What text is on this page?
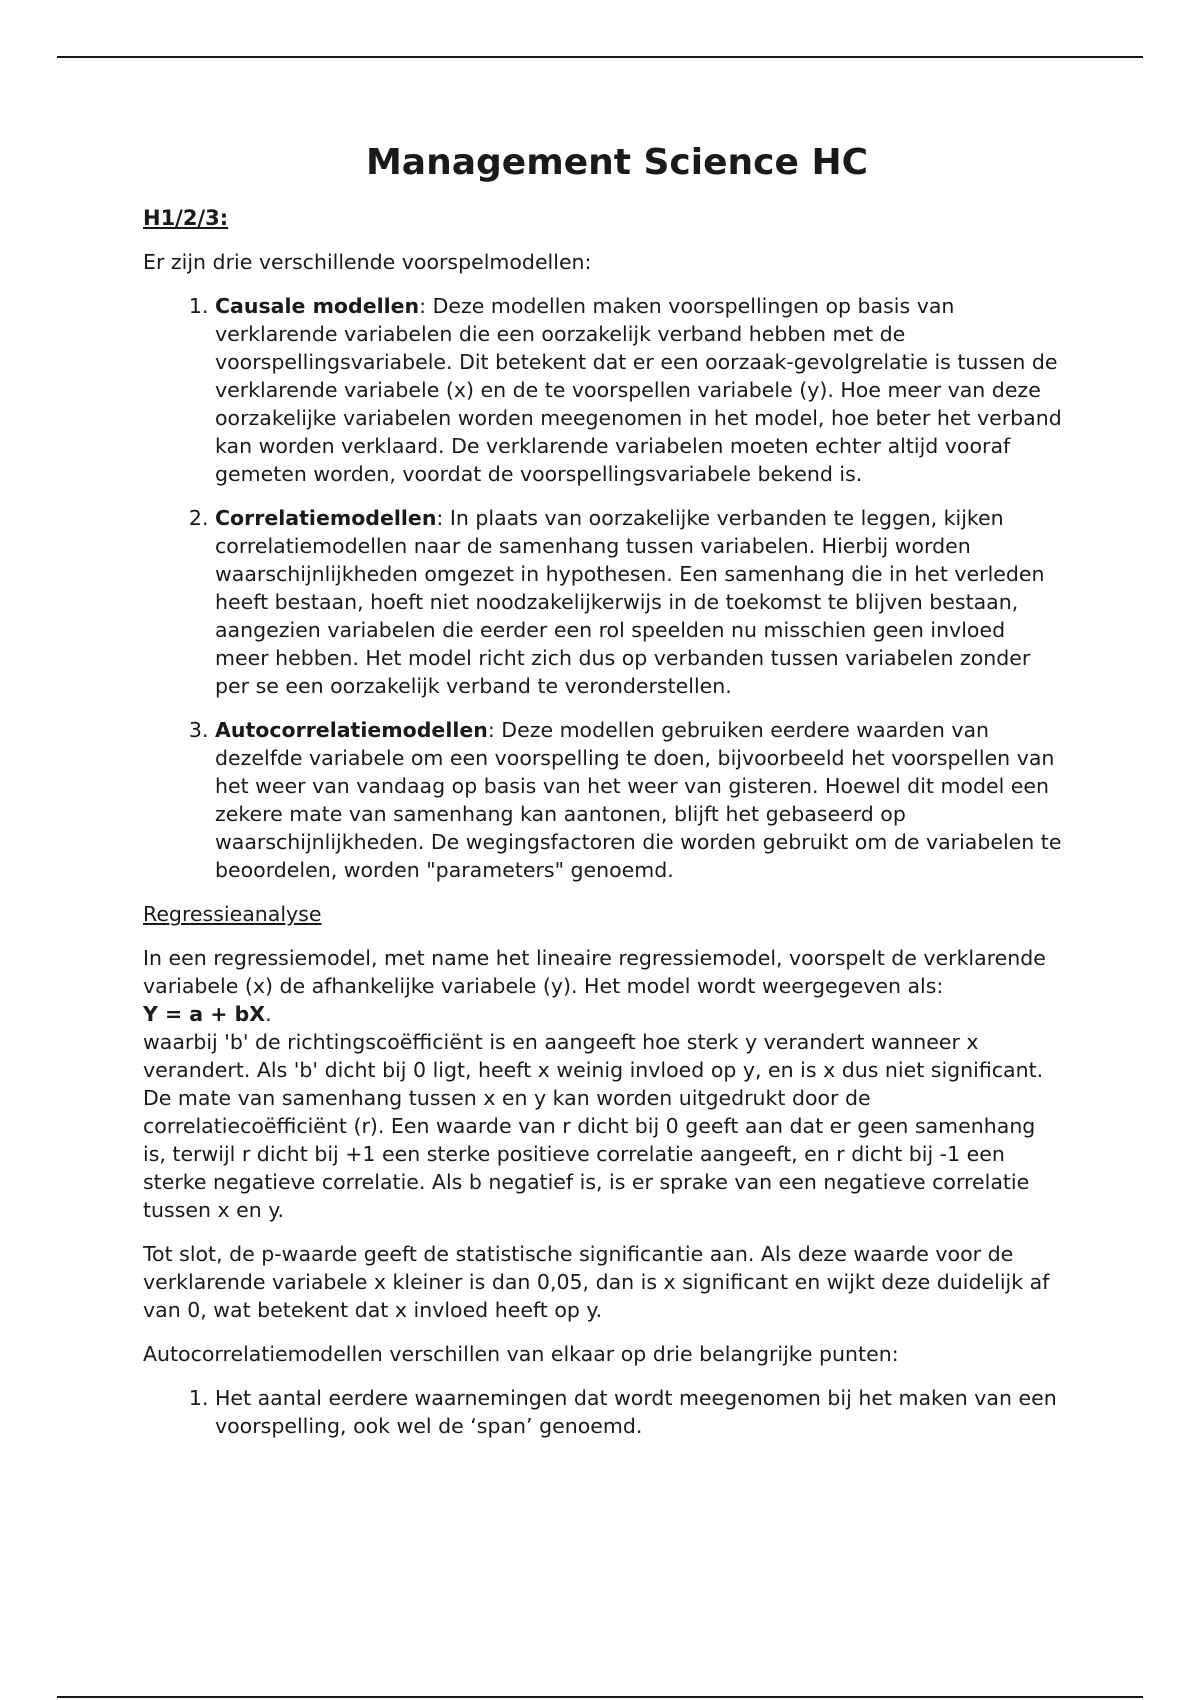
Management Science HC
H1/2/3:

Er zijn drie verschillende voorspelmodellen:

1. Causale modellen: Deze modellen maken voorspellingen op basis van verklarende variabelen die een oorzakelijk verband hebben met de voorspellingsvariabele. Dit betekent dat er een oorzaak-gevolgrelatie is tussen de verklarende variabele (x) en de te voorspellen variabele (y). Hoe meer van deze oorzakelijke variabelen worden meegenomen in het model, hoe beter het verband kan worden verklaard. De verklarende variabelen moeten echter altijd vooraf gemeten worden, voordat de voorspellingsvariabele bekend is.
2. Correlatiemodellen: In plaats van oorzakelijke verbanden te leggen, kijken correlatiemodellen naar de samenhang tussen variabelen. Hierbij worden waarschijnlijkheden omgezet in hypothesen. Een samenhang die in het verleden heeft bestaan, hoeft niet noodzakelijkerwijs in de toekomst te blijven bestaan, aangezien variabelen die eerder een rol speelden nu misschien geen invloed meer hebben. Het model richt zich dus op verbanden tussen variabelen zonder per se een oorzakelijk verband te veronderstellen.
3. Autocorrelatiemodellen: Deze modellen gebruiken eerdere waarden van dezelfde variabele om een voorspelling te doen, bijvoorbeeld het voorspellen van het weer van vandaag op basis van het weer van gisteren. Hoewel dit model een zekere mate van samenhang kan aantonen, blijft het gebaseerd op waarschijnlijkheden. De wegingsfactoren die worden gebruikt om de variabelen te beoordelen, worden "parameters" genoemd.
Regressieanalyse

In een regressiemodel, met name het lineaire regressiemodel, voorspelt de verklarende variabele (x) de afhankelijke variabele (y). Het model wordt weergegeven als:
Y = a + bX.
waarbij 'b' de richtingscoëfficiënt is en aangeeft hoe sterk y verandert wanneer x verandert. Als 'b' dicht bij 0 ligt, heeft x weinig invloed op y, en is x dus niet significant. De mate van samenhang tussen x en y kan worden uitgedrukt door de correlatiecoëfficiënt (r). Een waarde van r dicht bij 0 geeft aan dat er geen samenhang is, terwijl r dicht bij +1 een sterke positieve correlatie aangeeft, en r dicht bij -1 een sterke negatieve correlatie. Als b negatief is, is er sprake van een negatieve correlatie tussen x en y.

Tot slot, de p-waarde geeft de statistische significantie aan. Als deze waarde voor de verklarende variabele x kleiner is dan 0,05, dan is x significant en wijkt deze duidelijk af van 0, wat betekent dat x invloed heeft op y.

Autocorrelatiemodellen verschillen van elkaar op drie belangrijke punten:

1. Het aantal eerdere waarnemingen dat wordt meegenomen bij het maken van een voorspelling, ook wel de ‘span’ genoemd.
